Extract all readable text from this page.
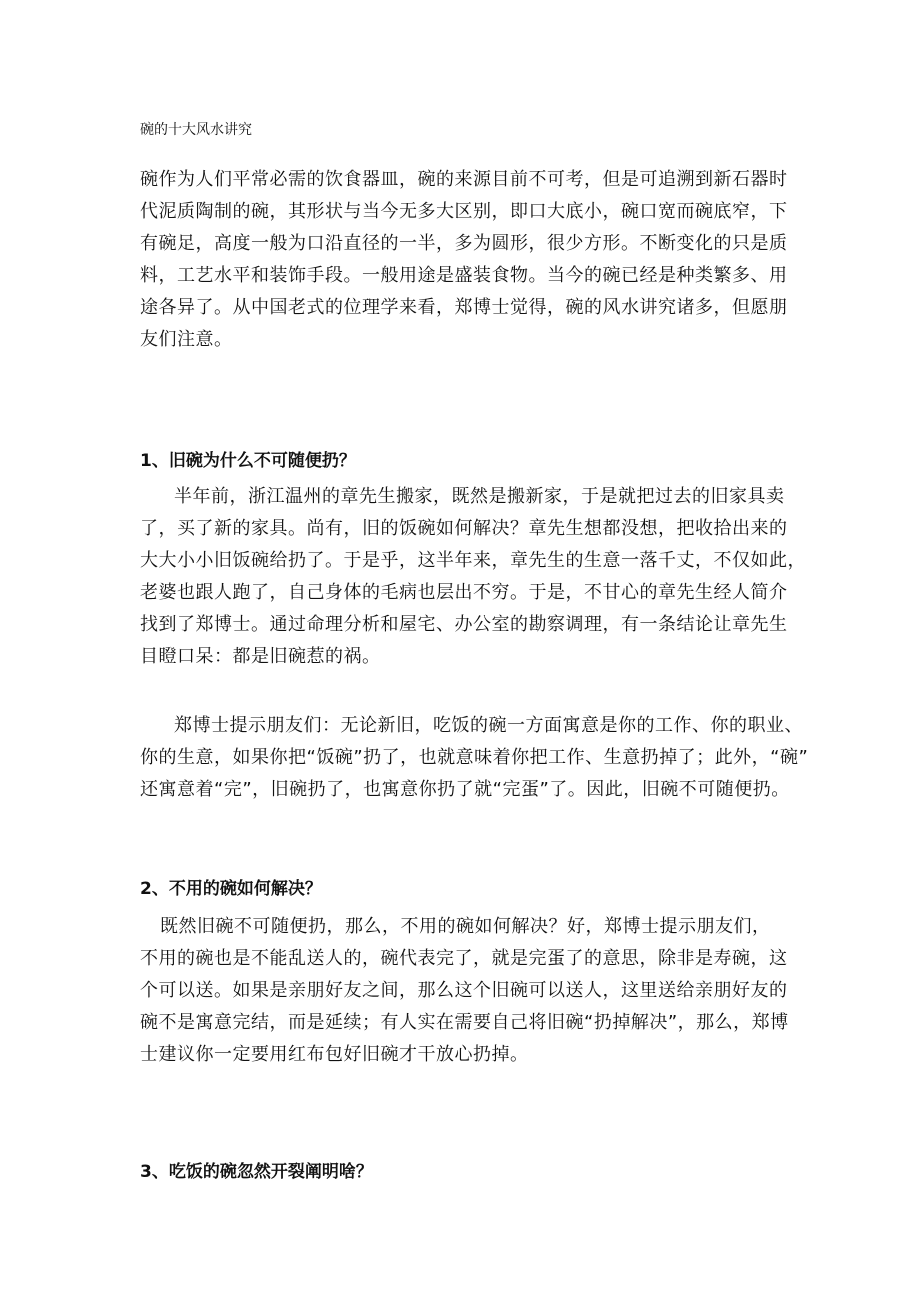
碗的十大风水讲究
碗作为人们平常必需的饮食器皿，碗的来源目前不可考，但是可追溯到新石器时
代泥质陶制的碗，其形状与当今无多大区别，即口大底小，碗口宽而碗底窄，下
有碗足，高度一般为口沿直径的一半，多为圆形，很少方形。不断变化的只是质
料，工艺水平和装饰手段。一般用途是盛装食物。当今的碗已经是种类繁多、用
途各异了。从中国老式的位理学来看，郑博士觉得，碗的风水讲究诸多，但愿朋
友们注意。
1、旧碗为什么不可随便扔？
半年前，浙江温州的章先生搬家，既然是搬新家，于是就把过去的旧家具卖
了，买了新的家具。尚有，旧的饭碗如何解决？章先生想都没想，把收拾出来的
大大小小旧饭碗给扔了。于是乎，这半年来，章先生的生意一落千丈，不仅如此，
老婆也跟人跑了，自己身体的毛病也层出不穷。于是，不甘心的章先生经人简介
找到了郑博士。通过命理分析和屋宅、办公室的勘察调理，有一条结论让章先生
目瞪口呆：都是旧碗惹的祸。
郑博士提示朋友们：无论新旧，吃饭的碗一方面寓意是你的工作、你的职业、
你的生意，如果你把“饭碗”扔了，也就意味着你把工作、生意扔掉了；此外，“碗”
还寓意着“完”，旧碗扔了，也寓意你扔了就“完蛋”了。因此，旧碗不可随便扔。
2、不用的碗如何解决？
既然旧碗不可随便扔，那么，不用的碗如何解决？好，郑博士提示朋友们，
不用的碗也是不能乱送人的，碗代表完了，就是完蛋了的意思，除非是寿碗，这
个可以送。如果是亲朋好友之间，那么这个旧碗可以送人，这里送给亲朋好友的
碗不是寓意完结，而是延续；有人实在需要自己将旧碗“扔掉解决”，那么，郑博
士建议你一定要用红布包好旧碗才干放心扔掉。
3、吃饭的碗忽然开裂阐明啥？
